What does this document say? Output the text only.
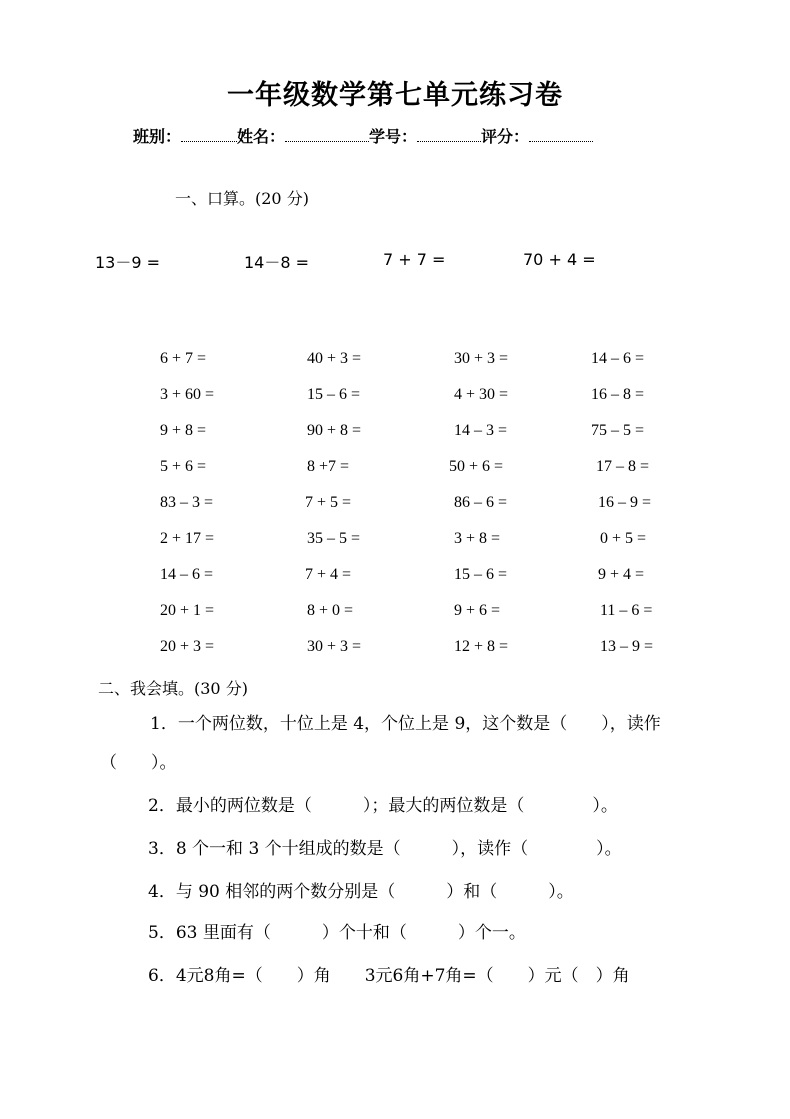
一年级数学第七单元练习卷
班别：	姓名：	学号：	评分：
一、口算。(20 分)
13－9 =	14－8 =	7 + 7 =	70 + 4 =
6 + 7 =	40 + 3 =	30 + 3 =	14 – 6 =
3 + 60 =	15 – 6 =	4 + 30 =	16 – 8 =
9 + 8 =	90 + 8 =	14 – 3 =	75 – 5 =
5 + 6 =	8 +7 =	50 + 6 =	17 – 8 =
83 – 3 =	7 + 5 =	86 – 6 =	16 – 9 =
2 + 17 =	35 – 5 =	3 + 8 =	0 + 5 =
14 – 6 =	7 + 4 =	15 – 6 =	9 + 4 =
20 + 1 =	8 + 0 =	9 + 6 =	11 – 6 =
20 + 3 =	30 + 3 =	12 + 8 =	13 – 9 =
二、我会填。(30 分)
1．一个两位数，十位上是 4，个位上是 9，这个数是（　　），读作
（　　）。
2．最小的两位数是（　　　）；最大的两位数是（　　　　）。
3．8 个一和 3 个十组成的数是（　　　），读作（　　　　）。
4．与 90 相邻的两个数分别是（　　　）和（　　　）。
5．63 里面有（　　　）个十和（　　　）个一。
6．4元8角=（　　）角　　3元6角+7角=（　　）元（　）角
